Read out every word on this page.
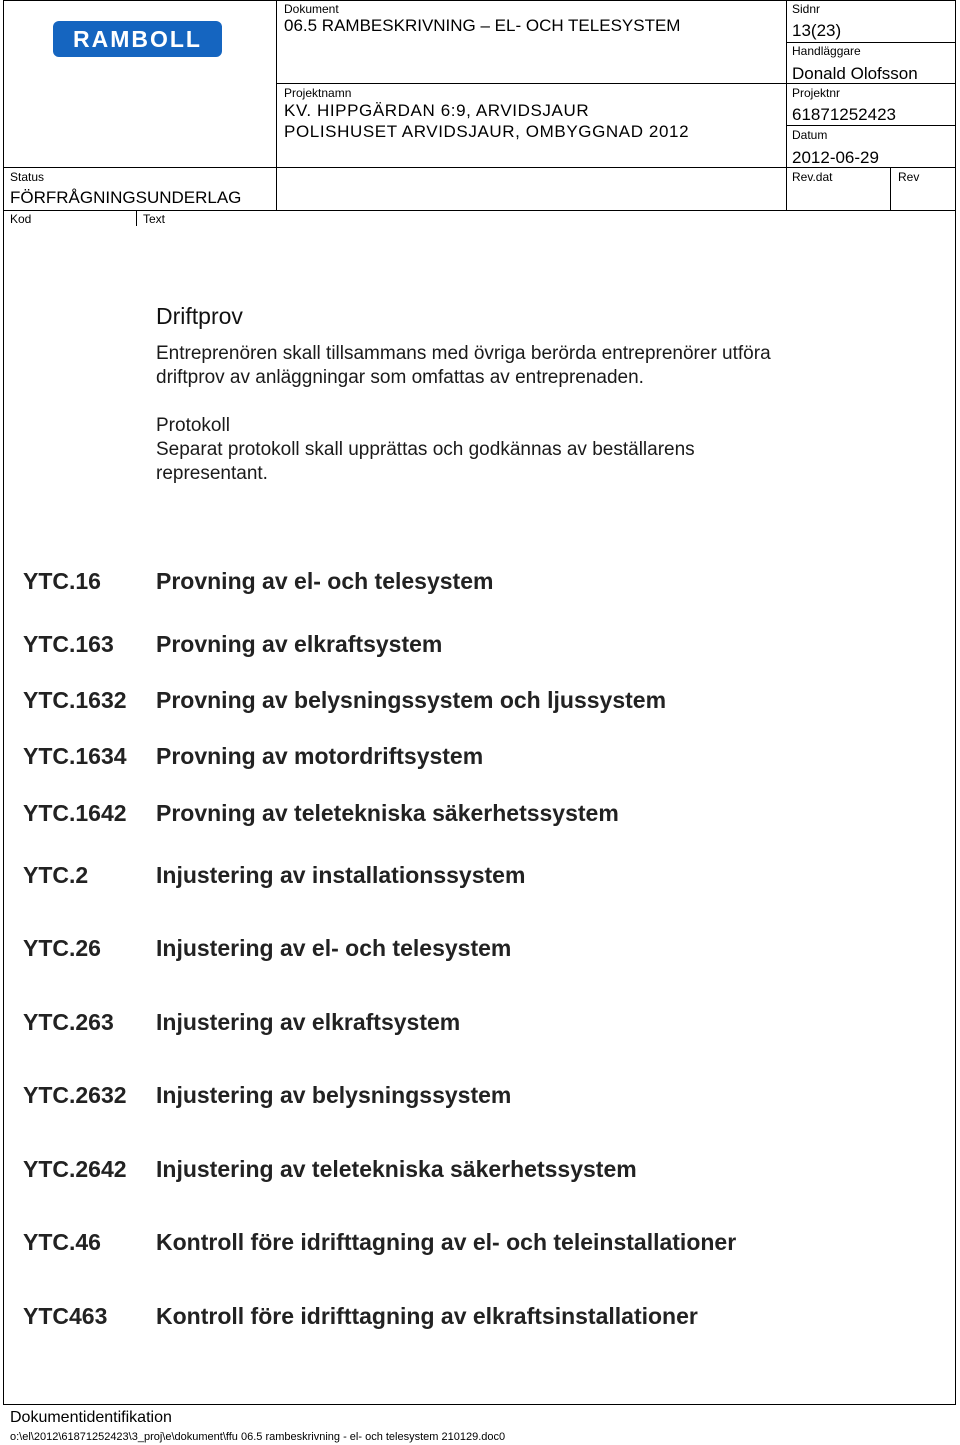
RAMBOLL
Dokument
06.5 RAMBESKRIVNING – EL- OCH TELESYSTEM
Projektnamn
KV. HIPPGÄRDAN 6:9, ARVIDSJAUR
POLISHUSET ARVIDSJAUR, OMBYGGNAD 2012
Status
FÖRFRÅGNINGSUNDERLAG
Kod	Text
Sidnr
13(23)
Handläggare
Donald Olofsson
Projektnr
61871252423
Datum
2012-06-29
Rev.dat	Rev
Driftprov
Entreprenören skall tillsammans med övriga berörda entreprenörer utföra
driftprov av anläggningar som omfattas av entreprenaden.
Protokoll
Separat protokoll skall upprättas och godkännas av beställarens
representant.
YTC.16 Provning av el- och telesystem
YTC.163 Provning av elkraftsystem
YTC.1632 Provning av belysningssystem och ljussystem
YTC.1634 Provning av motordriftsystem
YTC.1642 Provning av teletekniska säkerhetssystem
YTC.2	Injustering av installationssystem
YTC.26 Injustering av el- och telesystem
YTC.263 Injustering av elkraftsystem
YTC.2632 Injustering av belysningssystem
YTC.2642 Injustering av teletekniska säkerhetssystem
YTC.46 Kontroll före idrifttagning av el- och teleinstallationer
YTC463 Kontroll före idrifttagning av elkraftsinstallationer
Dokumentidentifikation
o:\el\2012\61871252423\3_proj\e\dokument\ffu 06.5 rambeskrivning - el- och telesystem 210129.doc0
